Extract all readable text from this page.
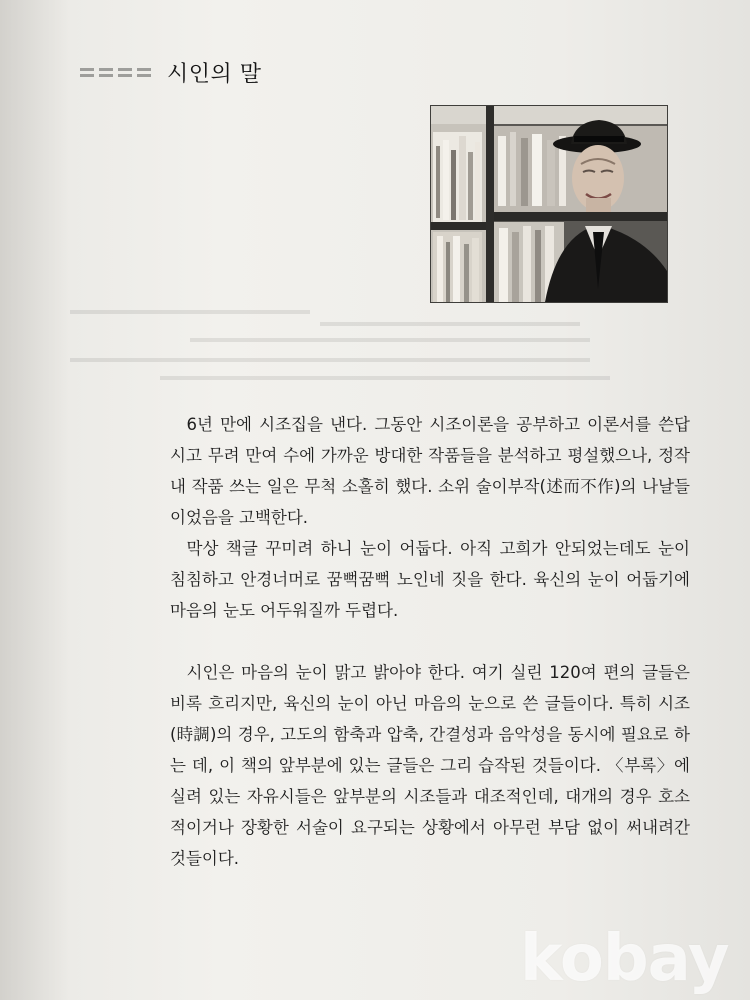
시인의 말

6년 만에 시조집을 낸다. 그동안 시조이론을 공부하고 이론서를 쓴답시고 무려 만여 수에 가까운 방대한 작품들을 분석하고 평설했으나, 정작 내 작품 쓰는 일은 무척 소홀히 했다. 소위 술이부작(述而不作)의 나날들이었음을 고백한다.

막상 책글 꾸미려 하니 눈이 어둡다. 아직 고희가 안되었는데도 눈이 침침하고 안경너머로 꿈뻑꿈뻑 노인네 짓을 한다. 육신의 눈이 어둡기에 마음의 눈도 어두워질까 두렵다.

시인은 마음의 눈이 맑고 밝아야 한다. 여기 실린 120여 편의 글들은 비록 흐리지만, 육신의 눈이 아닌 마음의 눈으로 쓴 글들이다. 특히 시조(時調)의 경우, 고도의 함축과 압축, 간결성과 음악성을 동시에 필요로 하는 데, 이 책의 앞부분에 있는 글들은 그리 습작된 것들이다. 〈부록〉에 실려 있는 자유시들은 앞부분의 시조들과 대조적인데, 대개의 경우 호소적이거나 장황한 서술이 요구되는 상황에서 아무런 부담 없이 써내려간 것들이다.

kobay
